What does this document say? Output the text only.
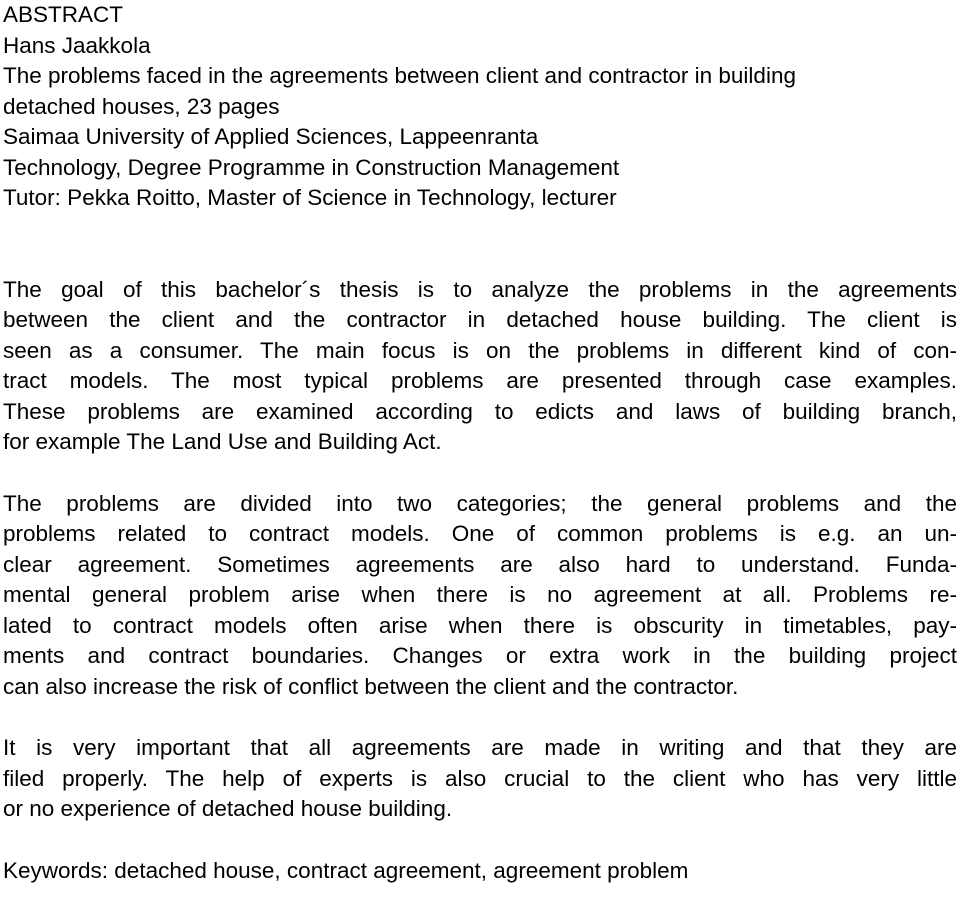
ABSTRACT
Hans Jaakkola
The problems faced in the agreements between client and contractor in building
detached houses, 23 pages
Saimaa University of Applied Sciences, Lappeenranta
Technology, Degree Programme in Construction Management
Tutor: Pekka Roitto, Master of Science in Technology, lecturer
The goal of this bachelor´s thesis is to analyze the problems in the agreements
between the client and the contractor in detached house building. The client is
seen as a consumer. The main focus is on the problems in different kind of con-
tract models. The most typical problems are presented through case examples.
These problems are examined according to edicts and laws of building branch,
for example The Land Use and Building Act.
The problems are divided into two categories; the general problems and the
problems related to contract models. One of common problems is e.g. an un-
clear agreement. Sometimes agreements are also hard to understand. Funda-
mental general problem arise when there is no agreement at all. Problems re-
lated to contract models often arise when there is obscurity in timetables, pay-
ments and contract boundaries. Changes or extra work in the building project
can also increase the risk of conflict between the client and the contractor.
It is very important that all agreements are made in writing and that they are
filed properly. The help of experts is also crucial to the client who has very little
or no experience of detached house building.
Keywords: detached house, contract agreement, agreement problem
